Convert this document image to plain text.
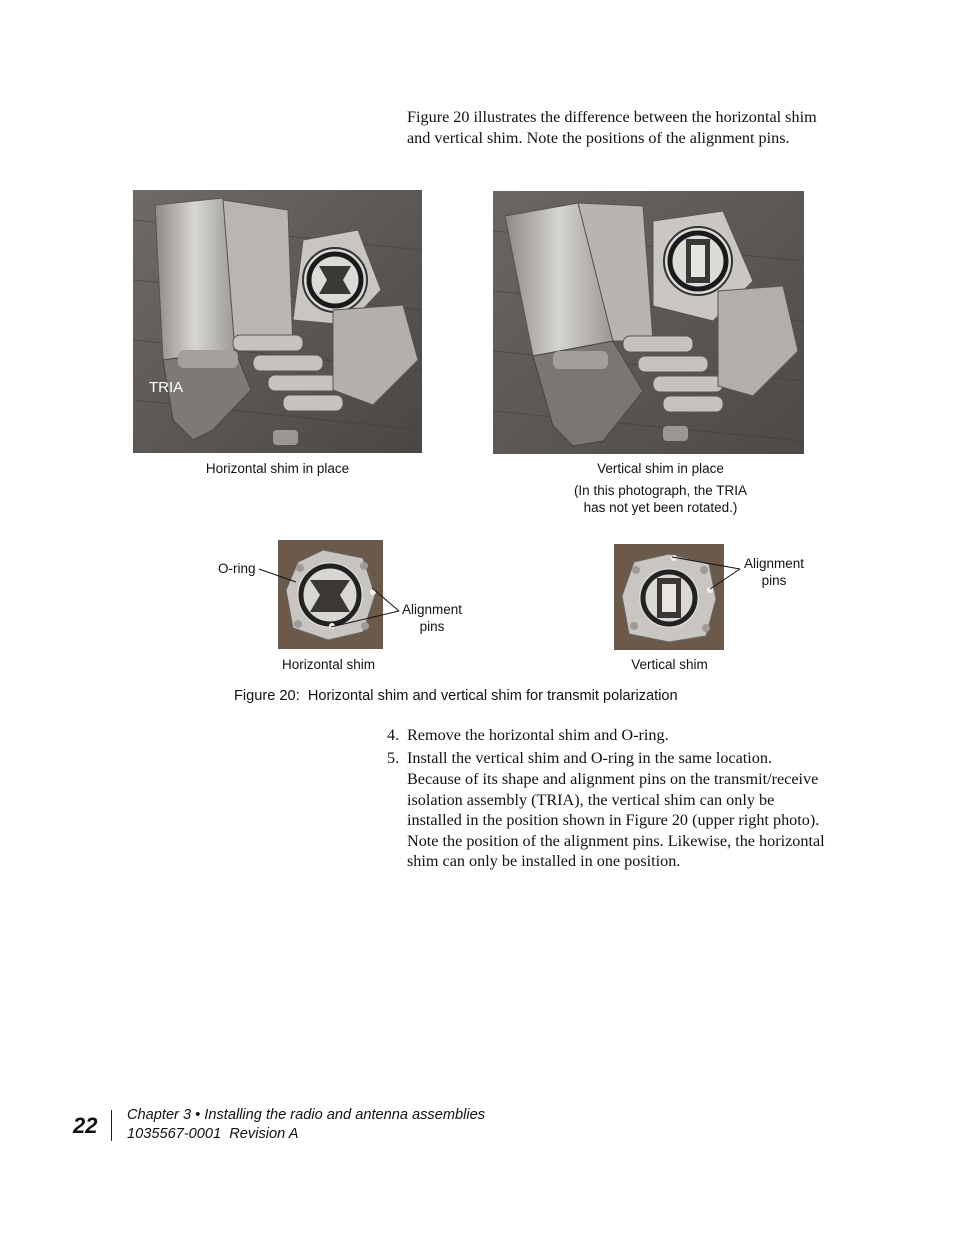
Figure 20 illustrates the difference between the horizontal shim and vertical shim. Note the positions of the alignment pins.

TRIA
Horizontal shim in place	Vertical shim in place
(In this photograph, the TRIA
has not yet been rotated.)
O-ring
Alignment
pins
Alignment
pins
Horizontal shim	Vertical shim
Figure 20:  Horizontal shim and vertical shim for transmit polarization
4. Remove the horizontal shim and O-ring.
5. Install the vertical shim and O-ring in the same location.

Because of its shape and alignment pins on the transmit/receive isolation assembly (TRIA), the vertical shim can only be installed in the position shown in Figure 20 (upper right photo). Note the position of the alignment pins. Likewise, the horizontal shim can only be installed in one position.

22 Chapter 3 • Installing the radio and antenna assemblies
1035567-0001  Revision A
